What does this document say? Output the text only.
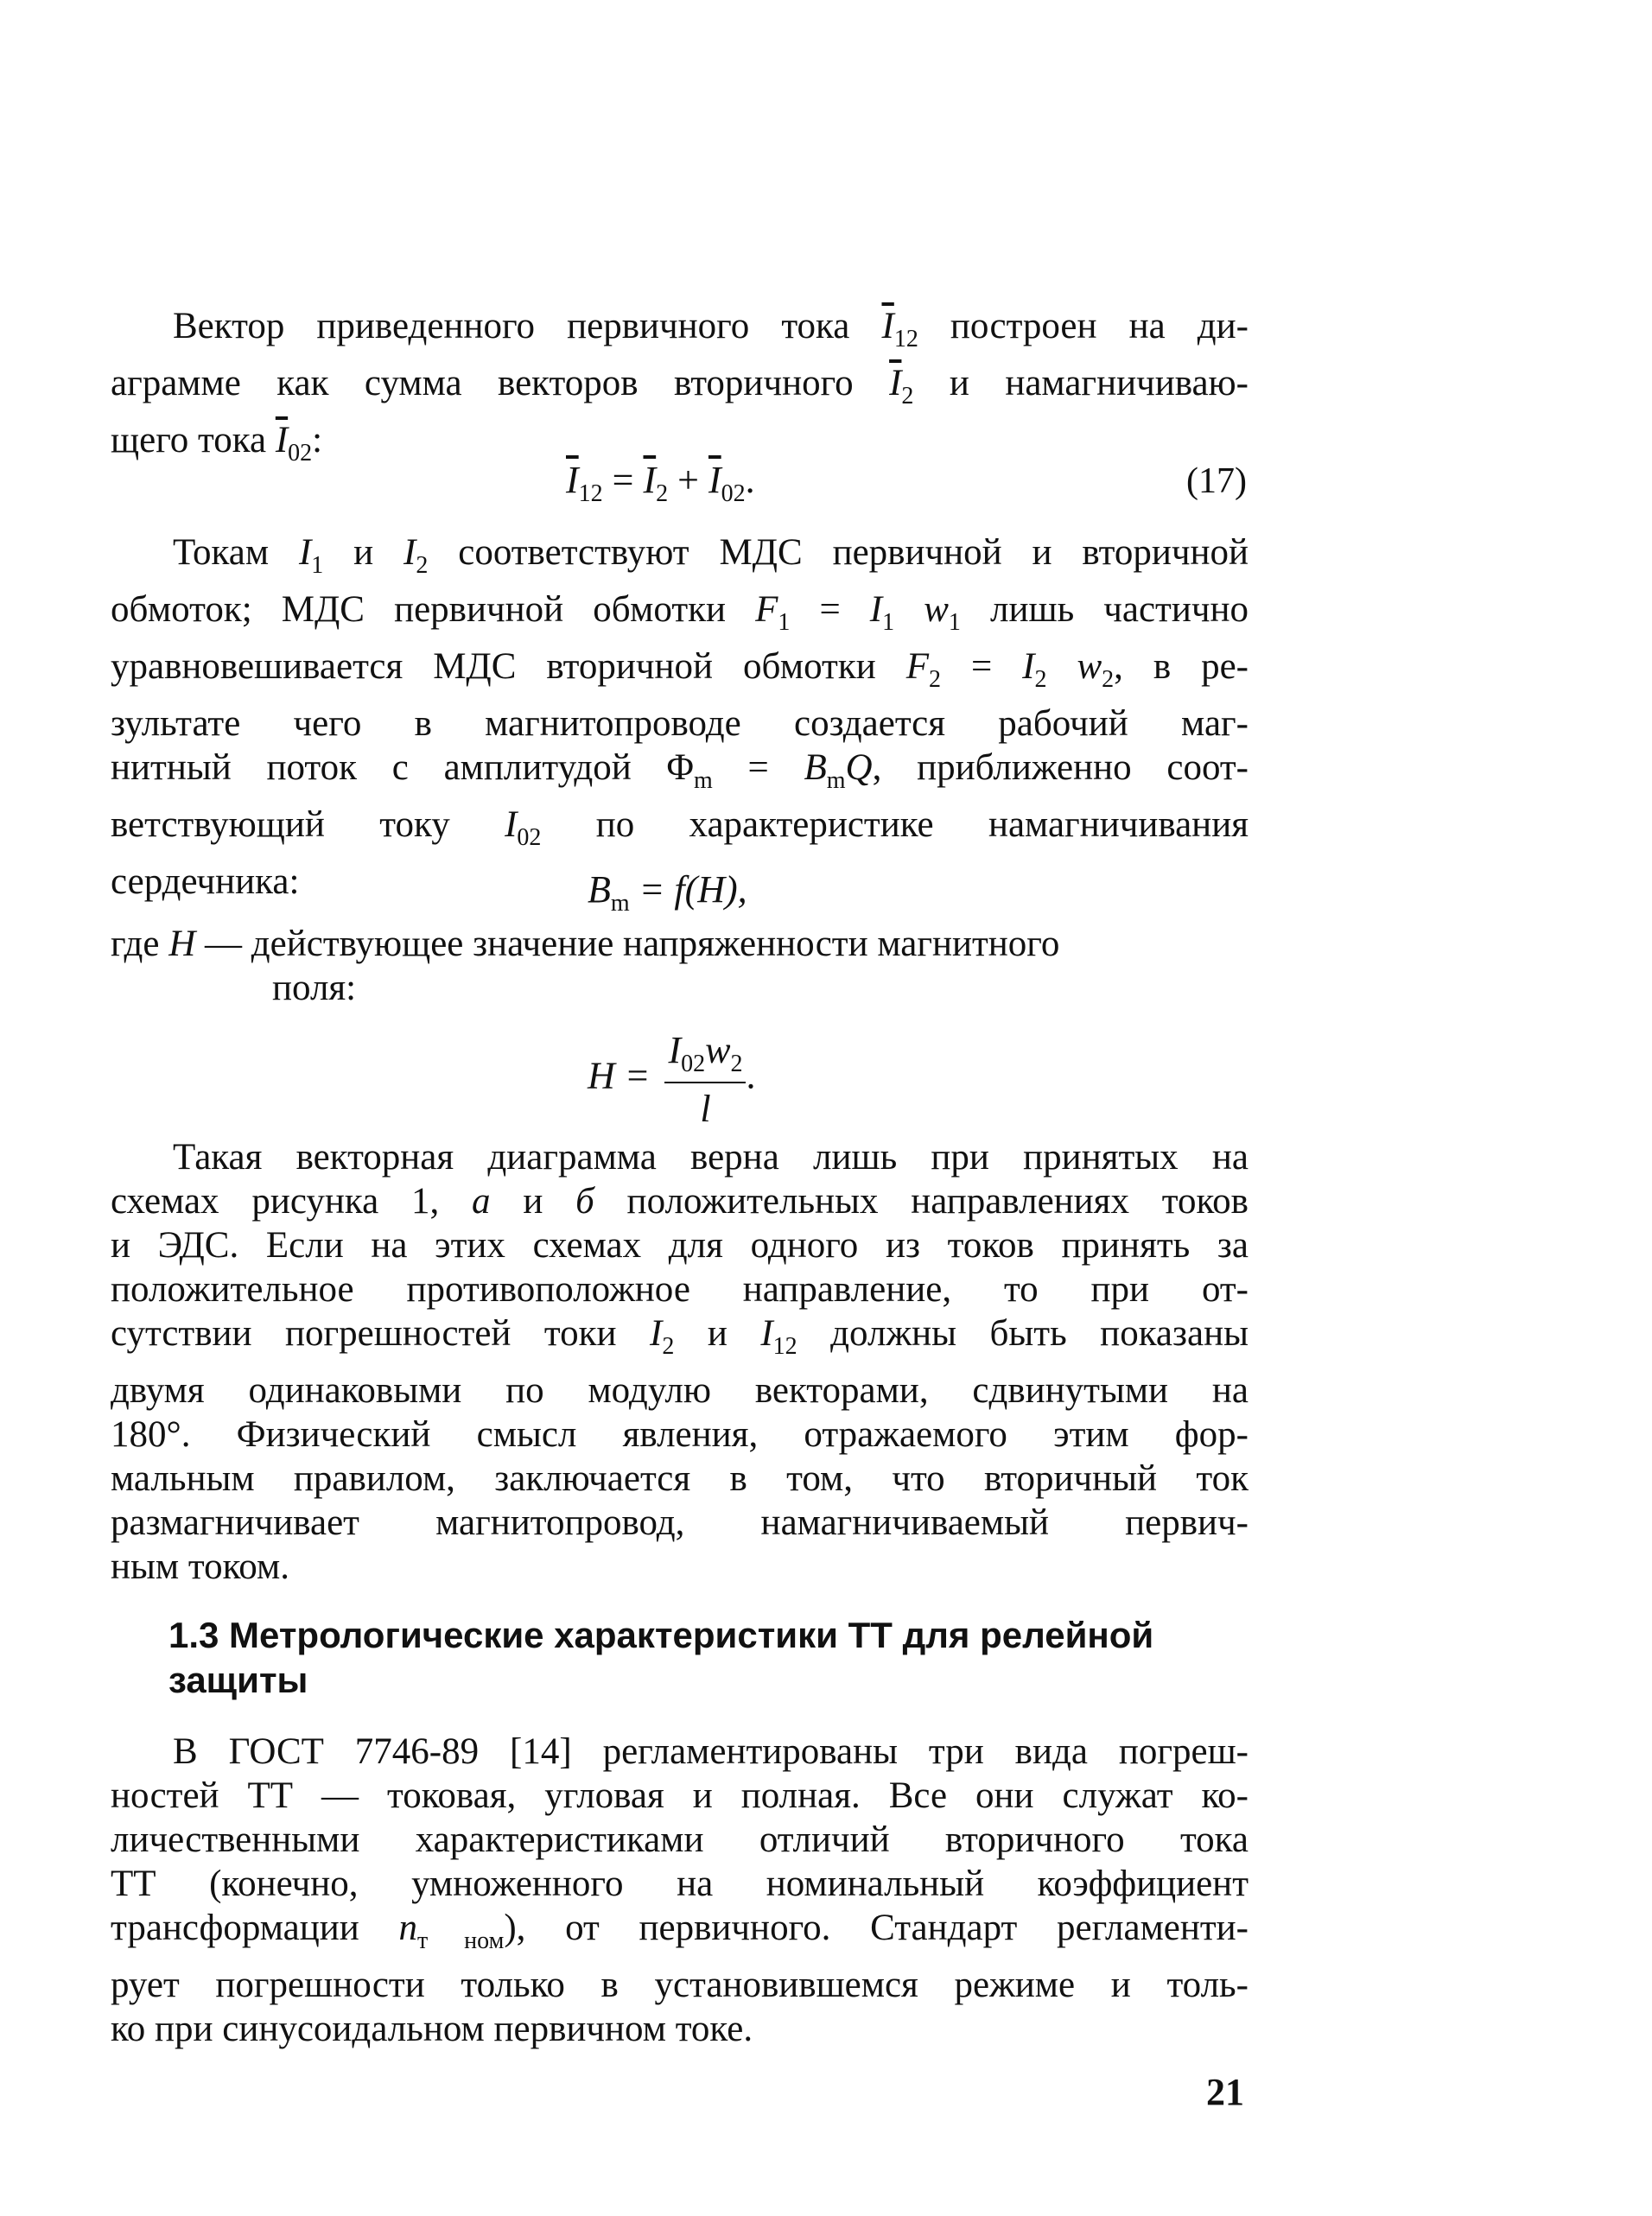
Вектор приведенного первичного тока $\overline{I}_{12}$ построен на ди-
аграмме как сумма векторов вторичного $\overline{I}_2$ и намагничиваю-
щего тока $\overline{I}_{02}$:
$\overline{I}_{12} = \overline{I}_2 + \overline{I}_{02}$.	(17)
Токам $I_1$ и $I_2$ соответствуют МДС первичной и вторичной
обмоток; МДС первичной обмотки $F_1 = I_1$ $w_1$ лишь частично
уравновешивается МДС вторичной обмотки $F_2 = I_2$ $w_2$, в ре-
зультате чего в магнитопроводе создается рабочий маг-
нитный поток с амплитудой $\Phi_m = B_mQ$, приближенно соот-
ветствующий току $I_{02}$ по характеристике намагничивания
сердечника:	$B_m = f(H)$,
где H — действующее значение напряженности магнитного
поля:
$H = \frac{I_{02}w_2}{l}$ .
Такая векторная диаграмма верна лишь при принятых на
схемах рисунка 1, а и б положительных направлениях токов
и ЭДС. Если на этих схемах для одного из токов принять за
положительное противоположное направление, то при от-
сутствии погрешностей токи $I_2$ и $I_{12}$ должны быть показаны
двумя одинаковыми по модулю векторами, сдвинутыми на
180°. Физический смысл явления, отражаемого этим фор-
мальным правилом, заключается в том, что вторичный ток
размагничивает магнитопровод, намагничиваемый первич-
ным током.
1.3 Метрологические характеристики ТТ для релейной
защиты
В ГОСТ 7746-89 [14] регламентированы три вида погреш-
ностей ТТ — токовая, угловая и полная. Все они служат ко-
личественными характеристиками отличий вторичного тока
ТТ (конечно, умноженного на номинальный коэффициент
трансформации $n_{т ном}$), от первичного. Стандарт регламенти-
рует погрешности только в установившемся режиме и толь-
ко при синусоидальном первичном токе.
21
